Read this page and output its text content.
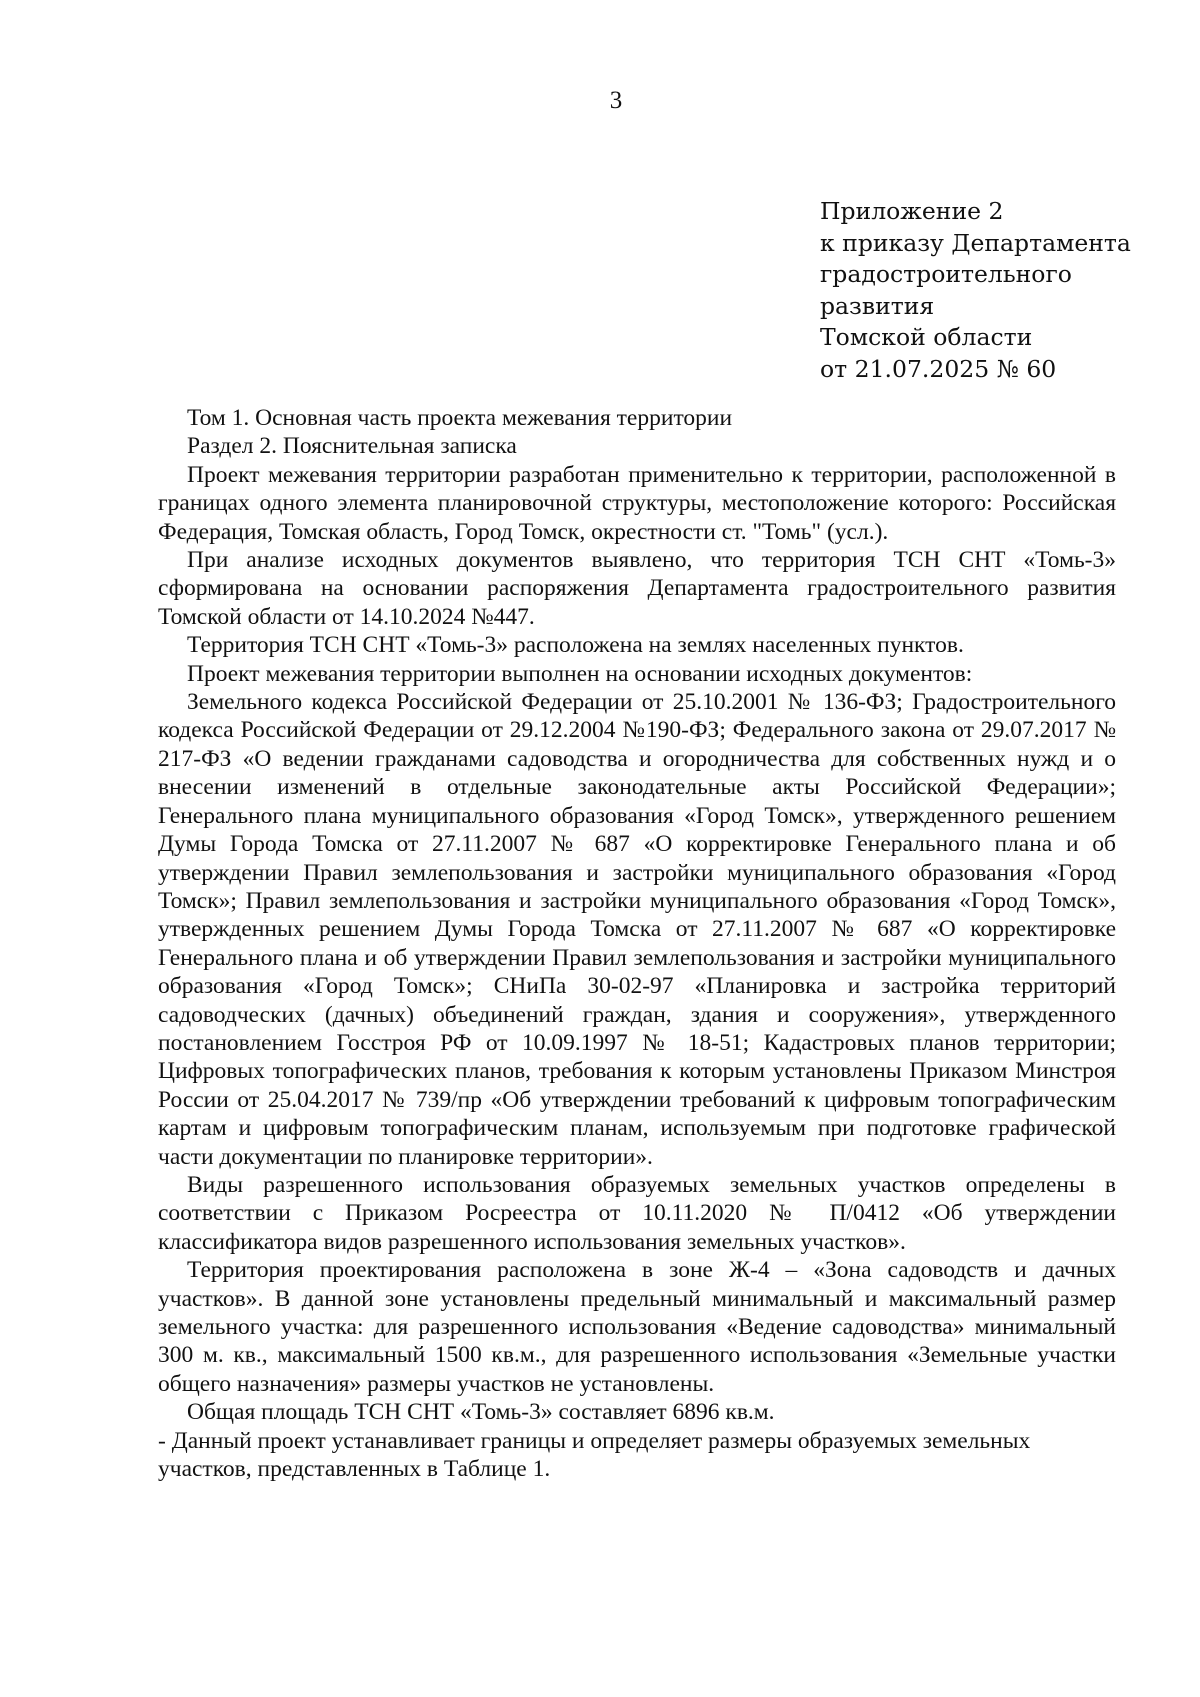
3
Приложение 2
к приказу Департамента
градостроительного
развития
Томской области
от 21.07.2025 № 60

Том 1. Основная часть проекта межевания территории

Раздел 2. Пояснительная записка

Проект межевания территории разработан применительно к территории, расположенной в границах одного элемента планировочной структуры, местоположение которого: Российская Федерация, Томская область, Город Томск, окрестности ст. "Томь" (усл.).

При анализе исходных документов выявлено, что территория ТСН СНТ «Томь-3» сформирована на основании распоряжения Департамента градостроительного развития Томской области от 14.10.2024 №447.

Территория ТСН СНТ «Томь-3» расположена на землях населенных пунктов.

Проект межевания территории выполнен на основании исходных документов:

Земельного кодекса Российской Федерации от 25.10.2001 № 136-ФЗ; Градостроительного кодекса Российской Федерации от 29.12.2004 №190-ФЗ; Федерального закона от 29.07.2017 № 217-ФЗ «О ведении гражданами садоводства и огородничества для собственных нужд и о внесении изменений в отдельные законодательные акты Российской Федерации»; Генерального плана муниципального образования «Город Томск», утвержденного решением Думы Города Томска от 27.11.2007 № 687 «О корректировке Генерального плана и об утверждении Правил землепользования и застройки муниципального образования «Город Томск»; Правил землепользования и застройки муниципального образования «Город Томск», утвержденных решением Думы Города Томска от 27.11.2007 № 687 «О корректировке Генерального плана и об утверждении Правил землепользования и застройки муниципального образования «Город Томск»; СНиПа 30-02-97 «Планировка и застройка территорий садоводческих (дачных) объединений граждан, здания и сооружения», утвержденного постановлением Госстроя РФ от 10.09.1997 № 18-51; Кадастровых планов территории; Цифровых топографических планов, требования к которым установлены Приказом Минстроя России от 25.04.2017 № 739/пр «Об утверждении требований к цифровым топографическим картам и цифровым топографическим планам, используемым при подготовке графической части документации по планировке территории».

Виды разрешенного использования образуемых земельных участков определены в соответствии с Приказом Росреестра от 10.11.2020 № П/0412 «Об утверждении классификатора видов разрешенного использования земельных участков».

Территория проектирования расположена в зоне Ж-4 – «Зона садоводств и дачных участков». В данной зоне установлены предельный минимальный и максимальный размер земельного участка: для разрешенного использования «Ведение садоводства» минимальный 300 м. кв., максимальный 1500 кв.м., для разрешенного использования «Земельные участки общего назначения» размеры участков не установлены.

Общая площадь ТСН СНТ «Томь-3» составляет 6896 кв.м.

- Данный проект устанавливает границы и определяет размеры образуемых земельных

участков, представленных в Таблице 1.
